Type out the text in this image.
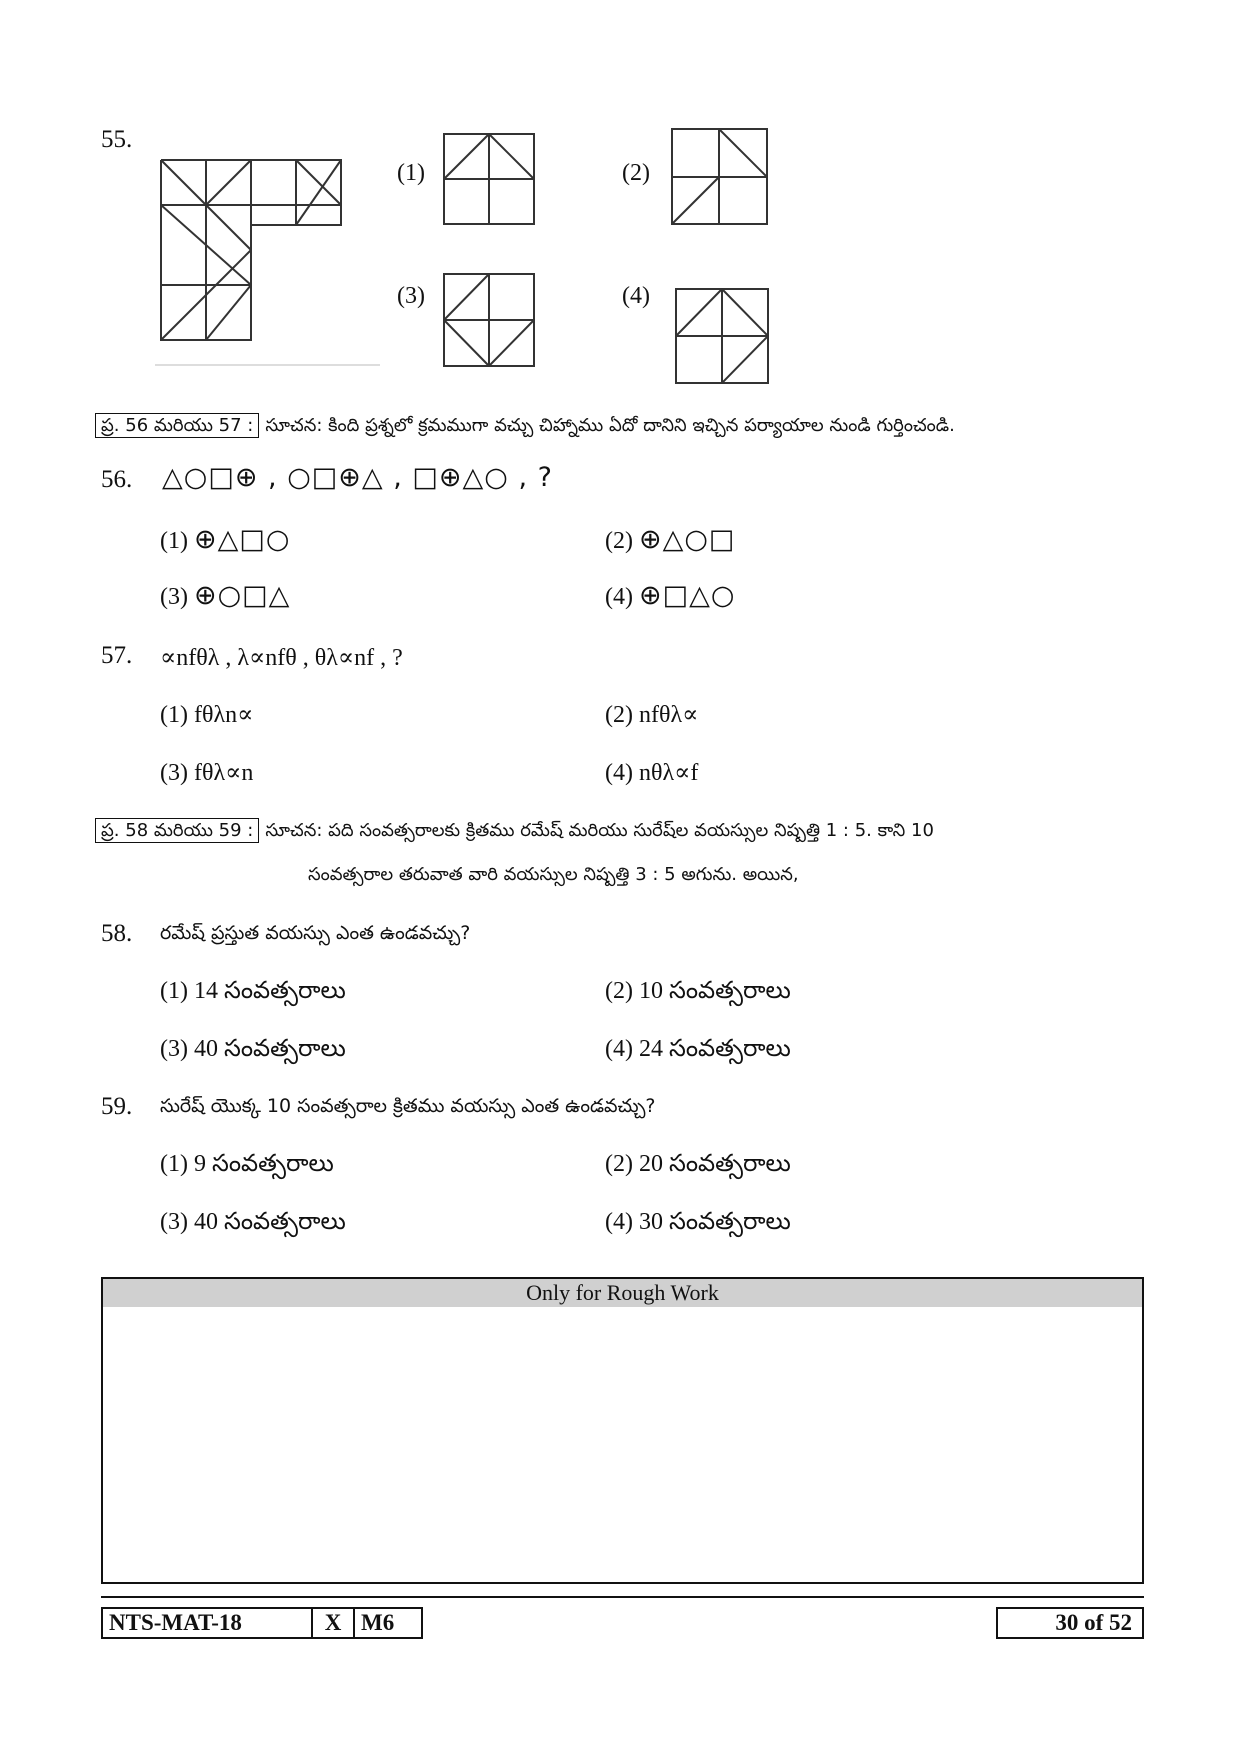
55.
(1)	(2)
(3)	(4)
ప్ర. 56 మరియు 57 : సూచన: కింది ప్రశ్నలో క్రమముగా వచ్చు చిహ్నాము ఏదో దానిని ఇచ్చిన పర్యాయాల నుండి గుర్తించండి.
56. △○□⊕ , ○□⊕△ , □⊕△○ , ?
(1) ⊕△□○	(2) ⊕△○□
(3) ⊕○□△	(4) ⊕□△○
57. ∝nfθλ , λ∝nfθ , θλ∝nf , ?
(1) fθλn∝	(2) nfθλ∝
(3) fθλ∝n	(4) nθλ∝f
ప్ర. 58 మరియు 59 : సూచన: పది సంవత్సరాలకు క్రితము రమేష్ మరియు సురేష్‌ల వయస్సుల నిష్పత్తి 1 : 5. కాని 10
సంవత్సరాల తరువాత వారి వయస్సుల నిష్పత్తి 3 : 5 అగును. అయిన,
58. రమేష్ ప్రస్తుత వయస్సు ఎంత ఉండవచ్చు?
(1) 14 సంవత్సరాలు	(2) 10 సంవత్సరాలు
(3) 40 సంవత్సరాలు	(4) 24 సంవత్సరాలు
59. సురేష్ యొక్క 10 సంవత్సరాల క్రితము వయస్సు ఎంత ఉండవచ్చు?
(1) 9 సంవత్సరాలు	(2) 20 సంవత్సరాలు
(3) 40 సంవత్సరాలు	(4) 30 సంవత్సరాలు
Only for Rough Work
NTS-MAT-18	X M6	30 of 52
